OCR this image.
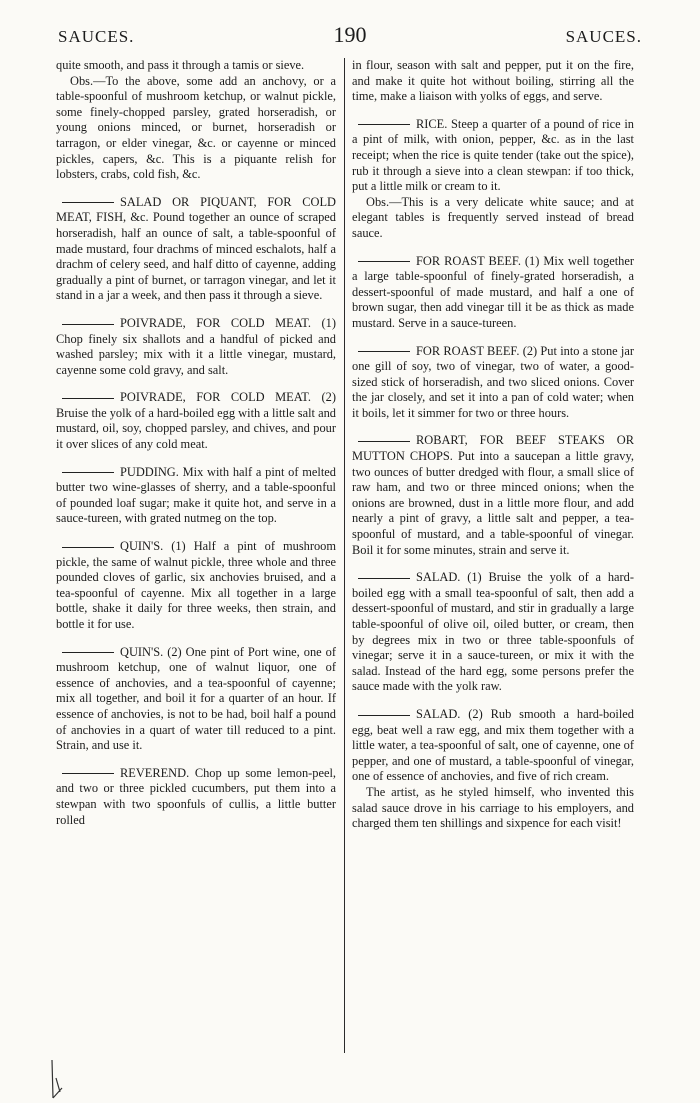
SAUCES.	190	SAUCES.

quite smooth, and pass it through a tamis or sieve.

Obs.—To the above, some add an anchovy, or a table-spoonful of mushroom ketchup, or walnut pickle, some finely-chopped parsley, grated horseradish, or young onions minced, or burnet, horseradish or tarragon, or elder vinegar, &c. or cayenne or minced pickles, capers, &c. This is a piquante relish for lobsters, crabs, cold fish, &c.

SALAD OR PIQUANT, FOR COLD MEAT, FISH, &c. Pound together an ounce of scraped horseradish, half an ounce of salt, a table-spoonful of made mustard, four drachms of minced eschalots, half a drachm of celery seed, and half ditto of cayenne, adding gradually a pint of burnet, or tarragon vinegar, and let it stand in a jar a week, and then pass it through a sieve.
POIVRADE, FOR COLD MEAT. (1) Chop finely six shallots and a handful of picked and washed parsley; mix with it a little vinegar, mustard, cayenne some cold gravy, and salt.
POIVRADE, FOR COLD MEAT. (2) Bruise the yolk of a hard-boiled egg with a little salt and mustard, oil, soy, chopped parsley, and chives, and pour it over slices of any cold meat.
PUDDING. Mix with half a pint of melted butter two wine-glasses of sherry, and a table-spoonful of pounded loaf sugar; make it quite hot, and serve in a sauce-tureen, with grated nutmeg on the top.
QUIN'S. (1) Half a pint of mushroom pickle, the same of walnut pickle, three whole and three pounded cloves of garlic, six anchovies bruised, and a tea-spoonful of cayenne. Mix all together in a large bottle, shake it daily for three weeks, then strain, and bottle it for use.
QUIN'S. (2) One pint of Port wine, one of mushroom ketchup, one of walnut liquor, one of essence of anchovies, and a tea-spoonful of cayenne; mix all together, and boil it for a quarter of an hour. If essence of anchovies, is not to be had, boil half a pound of anchovies in a quart of water till reduced to a pint. Strain, and use it.
REVEREND. Chop up some lemon-peel, and two or three pickled cucumbers, put them into a stewpan with two spoonfuls of cullis, a little butter rolled

in flour, season with salt and pepper, put it on the fire, and make it quite hot without boiling, stirring all the time, make a liaison with yolks of eggs, and serve.

RICE. Steep a quarter of a pound of rice in a pint of milk, with onion, pepper, &c. as in the last receipt; when the rice is quite tender (take out the spice), rub it through a sieve into a clean stewpan: if too thick, put a little milk or cream to it.

Obs.—This is a very delicate white sauce; and at elegant tables is frequently served instead of bread sauce.

FOR ROAST BEEF. (1) Mix well together a large table-spoonful of finely-grated horseradish, a dessert-spoonful of made mustard, and half a one of brown sugar, then add vinegar till it be as thick as made mustard. Serve in a sauce-tureen.
FOR ROAST BEEF. (2) Put into a stone jar one gill of soy, two of vinegar, two of water, a good-sized stick of horseradish, and two sliced onions. Cover the jar closely, and set it into a pan of cold water; when it boils, let it simmer for two or three hours.
ROBART, FOR BEEF STEAKS OR MUTTON CHOPS. Put into a saucepan a little gravy, two ounces of butter dredged with flour, a small slice of raw ham, and two or three minced onions; when the onions are browned, dust in a little more flour, and add nearly a pint of gravy, a little salt and pepper, a tea-spoonful of mustard, and a table-spoonful of vinegar. Boil it for some minutes, strain and serve it.
SALAD. (1) Bruise the yolk of a hard-boiled egg with a small tea-spoonful of salt, then add a dessert-spoonful of mustard, and stir in gradually a large table-spoonful of olive oil, oiled butter, or cream, then by degrees mix in two or three table-spoonfuls of vinegar; serve it in a sauce-tureen, or mix it with the salad. Instead of the hard egg, some persons prefer the sauce made with the yolk raw.
SALAD. (2) Rub smooth a hard-boiled egg, beat well a raw egg, and mix them together with a little water, a tea-spoonful of salt, one of cayenne, one of pepper, and one of mustard, a table-spoonful of vinegar, one of essence of anchovies, and five of rich cream.

The artist, as he styled himself, who invented this salad sauce drove in his carriage to his employers, and charged them ten shillings and sixpence for each visit!
